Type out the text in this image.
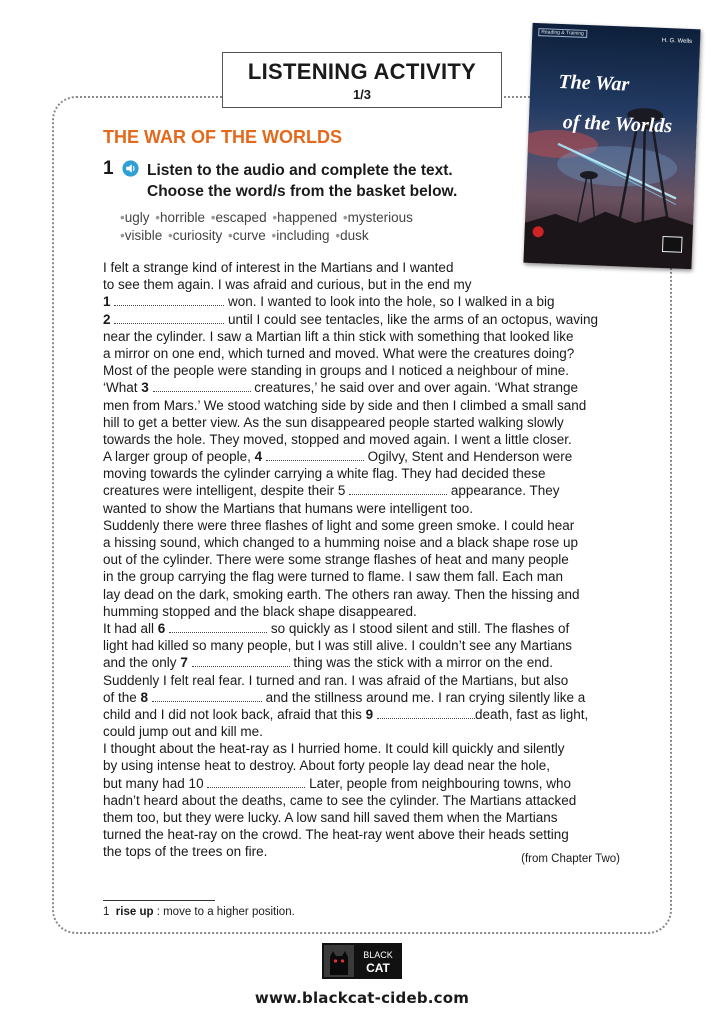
LISTENING ACTIVITY
1/3
Reading & Training
H. G. Wells

The War

of the Worlds

THE WAR OF THE WORLDS
1 Listen to the audio and complete the text.
Choose the word/s from the basket below.
• ugly • horrible • escaped • happened • mysterious
• visible • curiosity • curve • including • dusk
I felt a strange kind of interest in the Martians and I wanted
to see them again. I was afraid and curious, but in the end my
1	won. I wanted to look into the hole, so I walked in a big
2	until I could see tentacles, like the arms of an octopus, waving
near the cylinder. I saw a Martian lift a thin stick with something that looked like
a mirror on one end, which turned and moved. What were the creatures doing?
Most of the people were standing in groups and I noticed a neighbour of mine.
‘What 3	creatures,’ he said over and over again. ‘What strange
men from Mars.’ We stood watching side by side and then I climbed a small sand
hill to get a better view. As the sun disappeared people started walking slowly
towards the hole. They moved, stopped and moved again. I went a little closer.
A larger group of people, 4	Ogilvy, Stent and Henderson were
moving towards the cylinder carrying a white flag. They had decided these
creatures were intelligent, despite their 5	appearance. They
wanted to show the Martians that humans were intelligent too.
Suddenly there were three flashes of light and some green smoke. I could hear
a hissing sound, which changed to a humming noise and a black shape rose up
out of the cylinder. There were some strange flashes of heat and many people
in the group carrying the flag were turned to flame. I saw them fall. Each man
lay dead on the dark, smoking earth. The others ran away. Then the hissing and
humming stopped and the black shape disappeared.
It had all 6	so quickly as I stood silent and still. The flashes of
light had killed so many people, but I was still alive. I couldn’t see any Martians
and the only 7	thing was the stick with a mirror on the end.
Suddenly I felt real fear. I turned and ran. I was afraid of the Martians, but also
of the 8	and the stillness around me. I ran crying silently like a
child and I did not look back, afraid that this 9	death, fast as light,
could jump out and kill me.
I thought about the heat-ray as I hurried home. It could kill quickly and silently
by using intense heat to destroy. About forty people lay dead near the hole,
but many had 10	Later, people from neighbouring towns, who
hadn’t heard about the deaths, came to see the cylinder. The Martians attacked
them too, but they were lucky. A low sand hill saved them when the Martians
turned the heat-ray on the crowd. The heat-ray went above their heads setting
the tops of the trees on fire.	(from Chapter Two)
1 rise up : move to a higher position.
BLACK
CAT
www.blackcat-cideb.com
